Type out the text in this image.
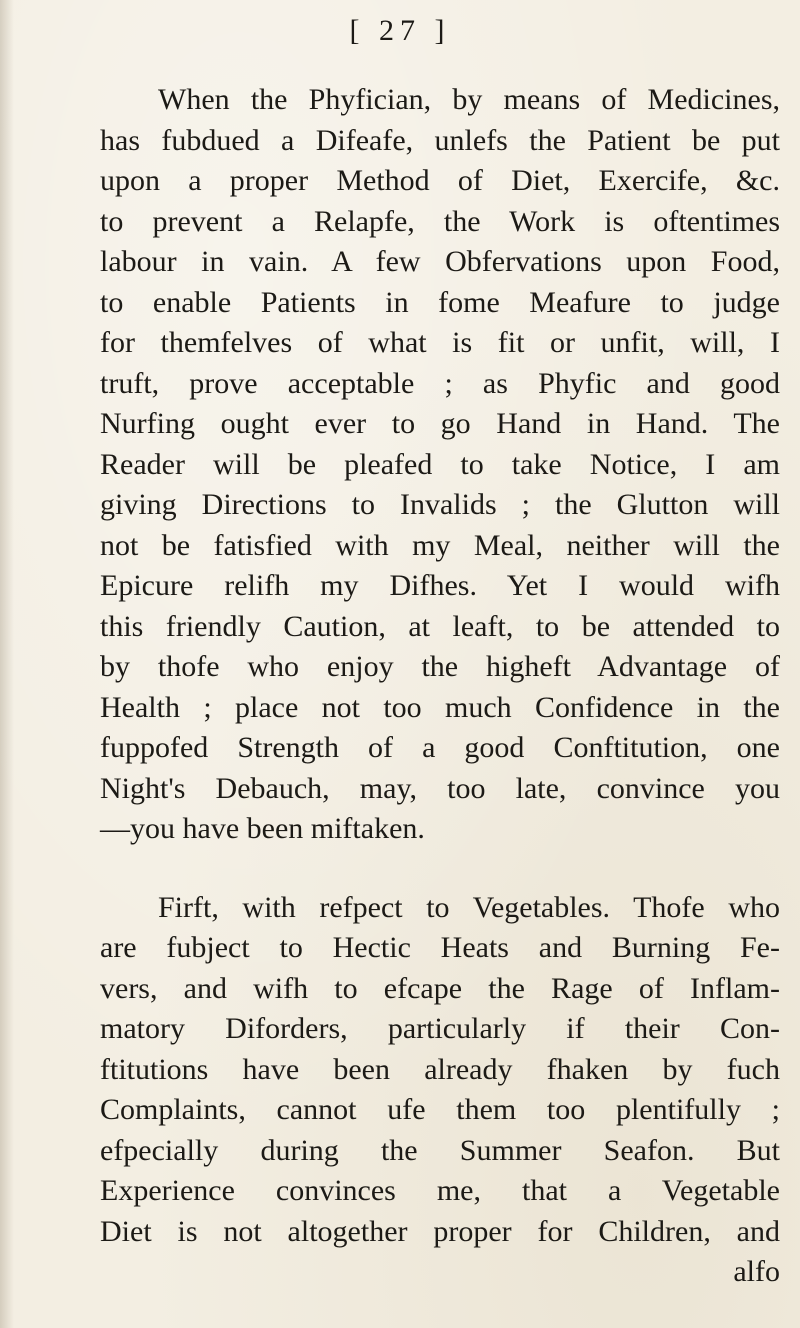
[ 27 ]
When the Phyfician, by means of Medicines,
has fubdued a Difeafe, unlefs the Patient be put
upon a proper Method of Diet, Exercife, &c.
to prevent a Relapfe, the Work is oftentimes
labour in vain. A few Obfervations upon Food,
to enable Patients in fome Meafure to judge
for themfelves of what is fit or unfit, will, I
truft, prove acceptable ; as Phyfic and good
Nurfing ought ever to go Hand in Hand. The
Reader will be pleafed to take Notice, I am
giving Directions to Invalids ; the Glutton will
not be fatisfied with my Meal, neither will the
Epicure relifh my Difhes. Yet I would wifh
this friendly Caution, at leaft, to be attended to
by thofe who enjoy the higheft Advantage of
Health ; place not too much Confidence in the
fuppofed Strength of a good Conftitution, one
Night's Debauch, may, too late, convince you
—you have been miftaken.
Firft, with refpect to Vegetables. Thofe who
are fubject to Hectic Heats and Burning Fe-
vers, and wifh to efcape the Rage of Inflam-
matory Diforders, particularly if their Con-
ftitutions have been already fhaken by fuch
Complaints, cannot ufe them too plentifully ;
efpecially during the Summer Seafon. But
Experience convinces me, that a Vegetable
Diet is not altogether proper for Children, and
alfo
